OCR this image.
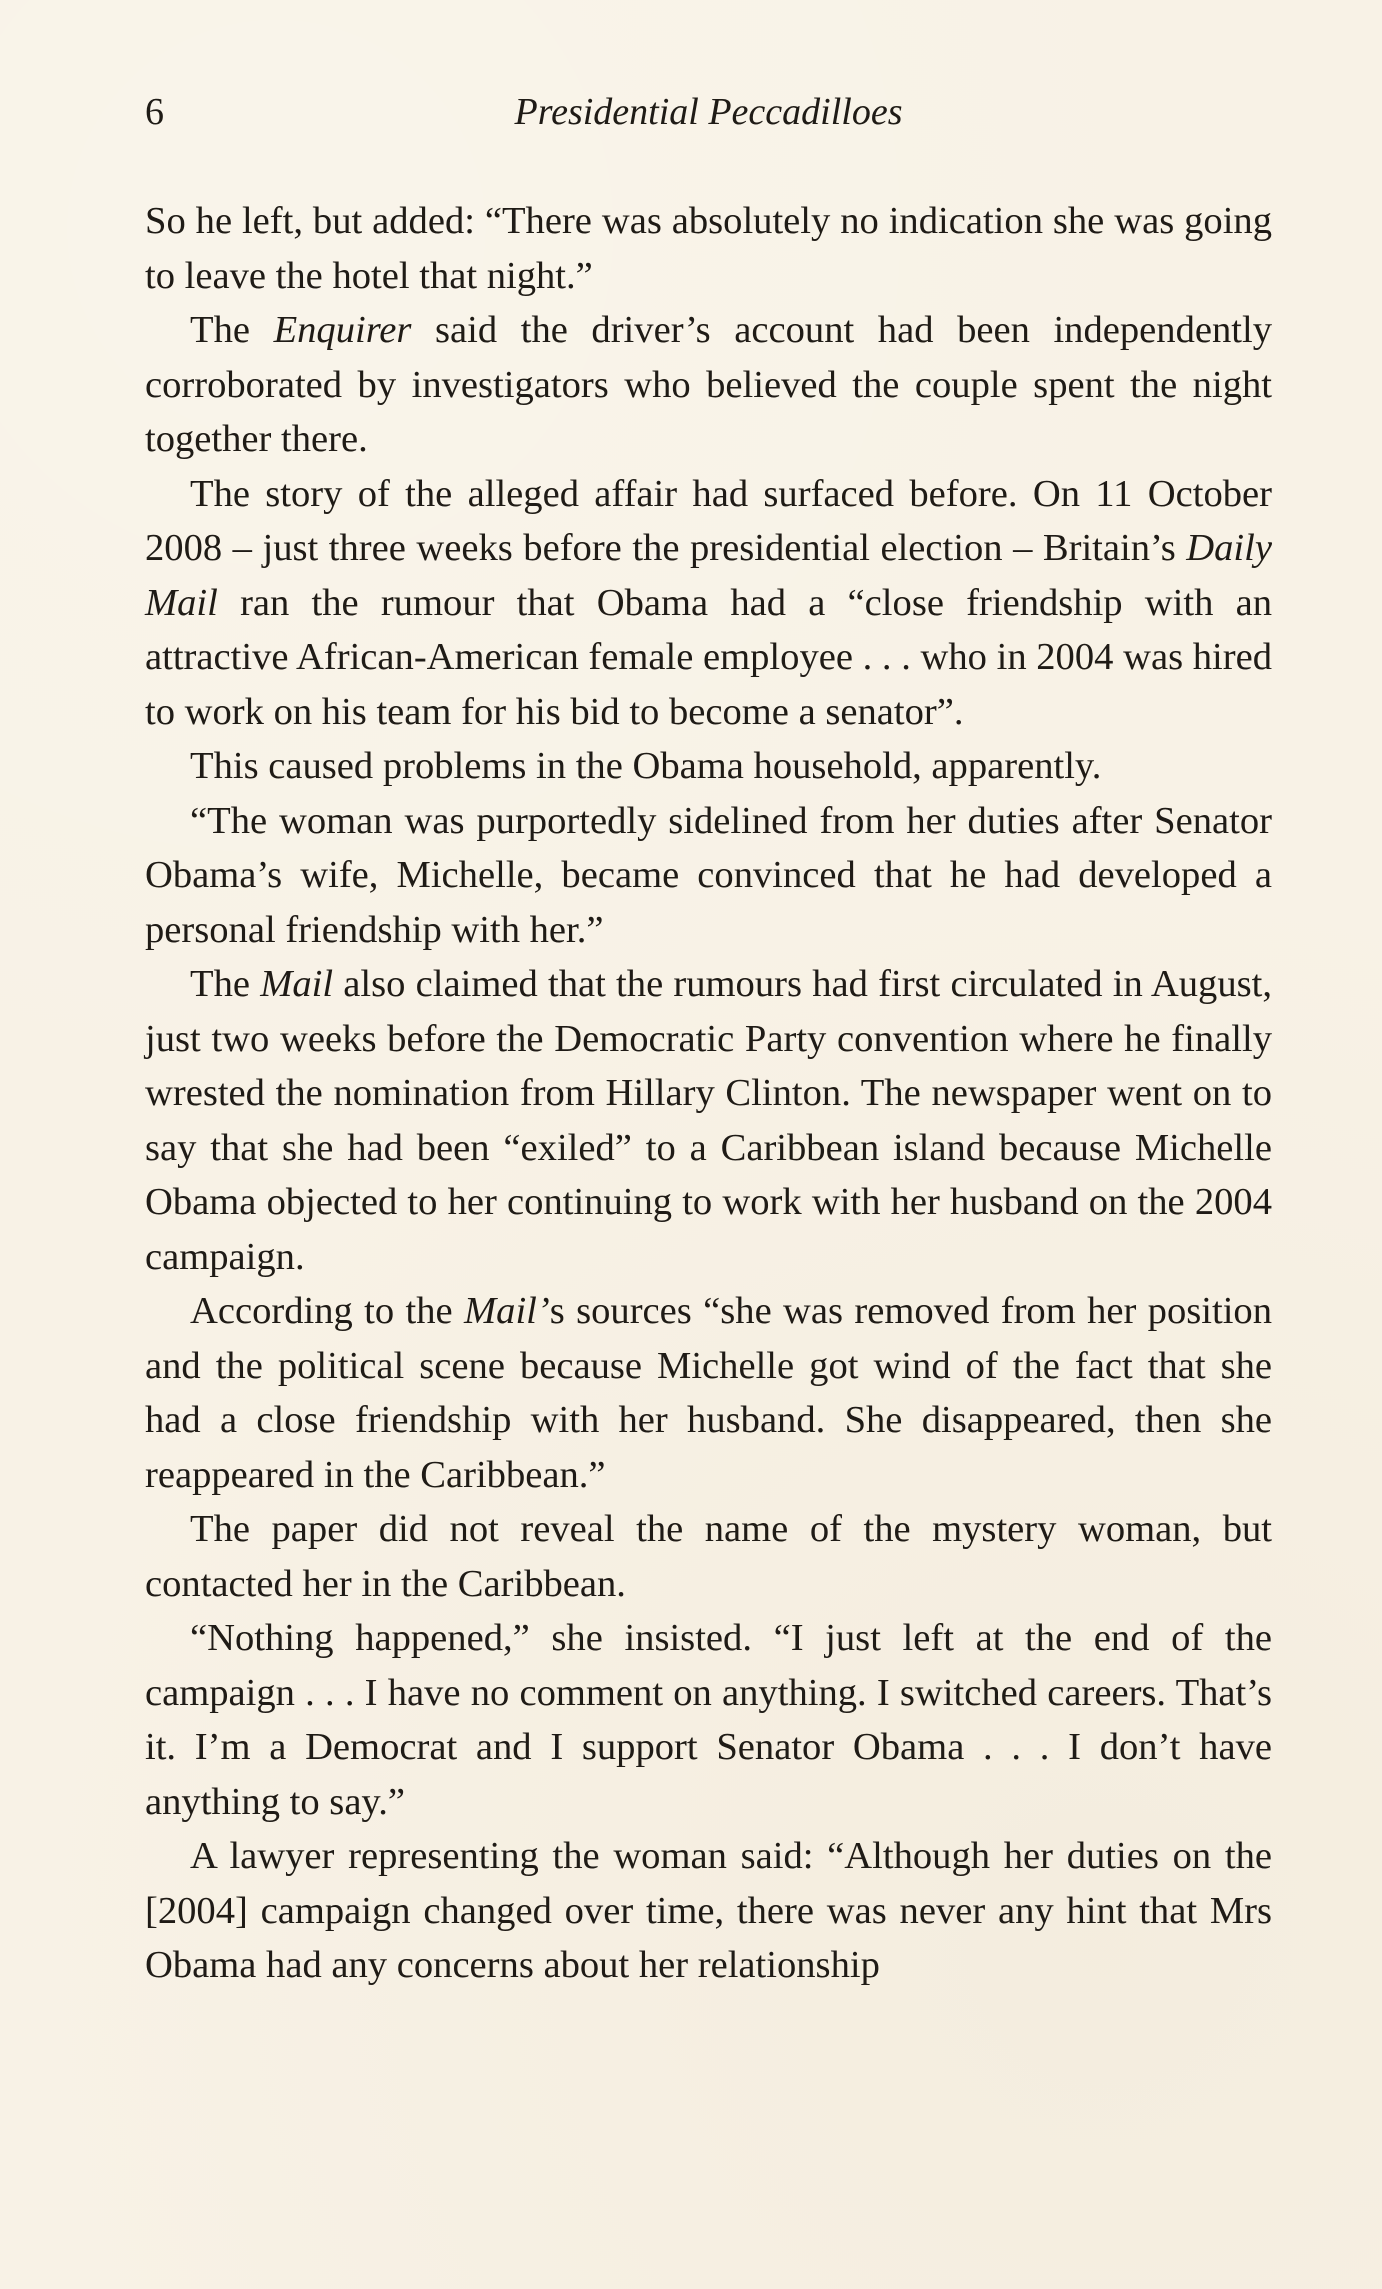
6	Presidential Peccadilloes

So he left, but added: “There was absolutely no indication she was going to leave the hotel that night.”

The Enquirer said the driver’s account had been independently corroborated by investigators who believed the couple spent the night together there.

The story of the alleged affair had surfaced before. On 11 October 2008 – just three weeks before the presidential election – Britain’s Daily Mail ran the rumour that Obama had a “close friendship with an attractive African-American female employee . . . who in 2004 was hired to work on his team for his bid to become a senator”.

This caused problems in the Obama household, apparently.

“The woman was purportedly sidelined from her duties after Senator Obama’s wife, Michelle, became convinced that he had developed a personal friendship with her.”

The Mail also claimed that the rumours had first circulated in August, just two weeks before the Democratic Party convention where he finally wrested the nomination from Hillary Clinton. The newspaper went on to say that she had been “exiled” to a Caribbean island because Michelle Obama objected to her continuing to work with her husband on the 2004 campaign.

According to the Mail’s sources “she was removed from her position and the political scene because Michelle got wind of the fact that she had a close friendship with her husband. She disappeared, then she reappeared in the Caribbean.”

The paper did not reveal the name of the mystery woman, but contacted her in the Caribbean.

“Nothing happened,” she insisted. “I just left at the end of the campaign . . . I have no comment on anything. I switched careers. That’s it. I’m a Democrat and I support Senator Obama . . . I don’t have anything to say.”

A lawyer representing the woman said: “Although her duties on the [2004] campaign changed over time, there was never any hint that Mrs Obama had any concerns about her relationship
